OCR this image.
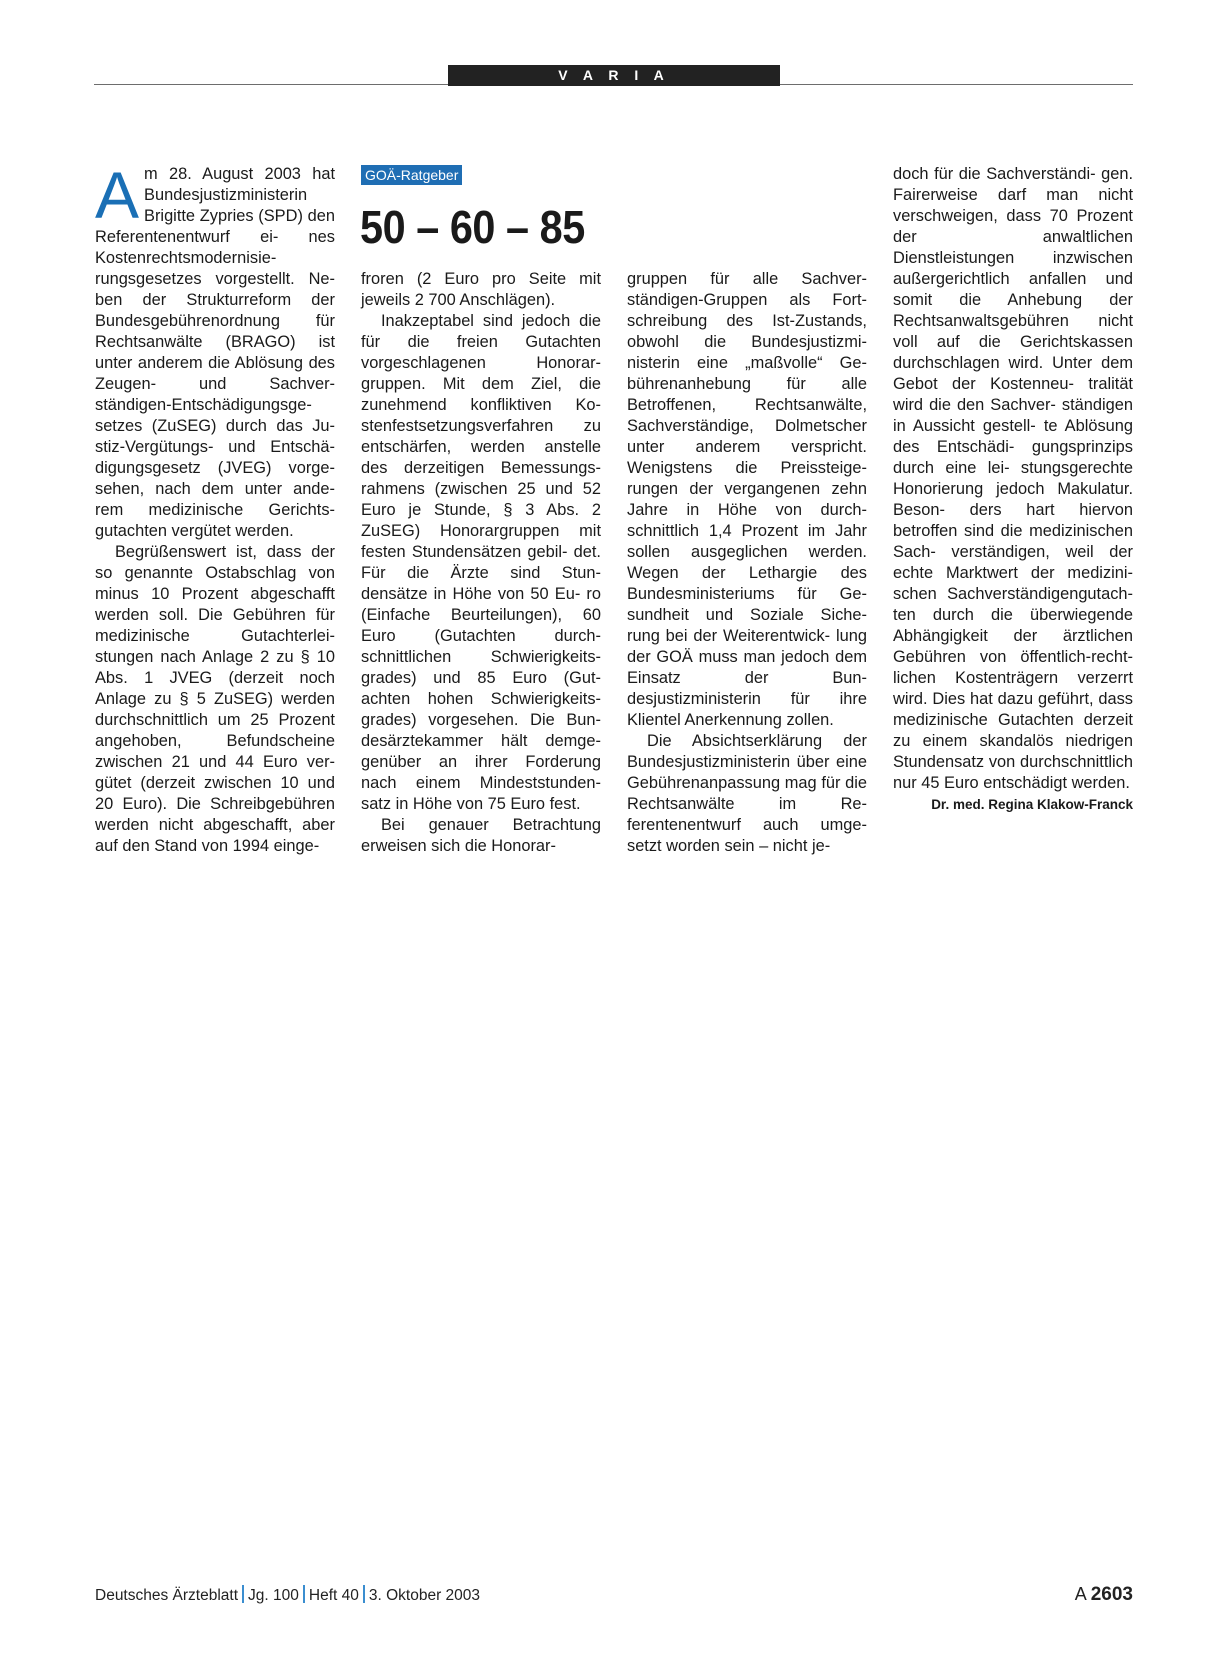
V A R I A

Am 28. August 2003 hat Bundesjustizministerin Brigitte Zypries (SPD) den Referentenentwurf ei- nes Kostenrechtsmodernisie- rungsgesetzes vorgestellt. Ne- ben der Strukturreform der Bundesgebührenordnung für Rechtsanwälte (BRAGO) ist unter anderem die Ablösung des Zeugen- und Sachver- ständigen-Entschädigungsge- setzes (ZuSEG) durch das Ju- stiz-Vergütungs- und Entschä- digungsgesetz (JVEG) vorge- sehen, nach dem unter ande- rem medizinische Gerichts- gutachten vergütet werden.

Begrüßenswert ist, dass der so genannte Ostabschlag von minus 10 Prozent abgeschafft werden soll. Die Gebühren für medizinische Gutachterlei- stungen nach Anlage 2 zu § 10 Abs. 1 JVEG (derzeit noch Anlage zu § 5 ZuSEG) werden durchschnittlich um 25 Prozent angehoben, Befundscheine zwischen 21 und 44 Euro ver- gütet (derzeit zwischen 10 und 20 Euro). Die Schreibgebühren werden nicht abgeschafft, aber auf den Stand von 1994 einge-

GOÄ-Ratgeber
50 – 60 – 85

froren (2 Euro pro Seite mit jeweils 2 700 Anschlägen).

Inakzeptabel sind jedoch die für die freien Gutachten vorgeschlagenen Honorar- gruppen. Mit dem Ziel, die zunehmend konfliktiven Ko- stenfestsetzungsverfahren zu entschärfen, werden anstelle des derzeitigen Bemessungs- rahmens (zwischen 25 und 52 Euro je Stunde, § 3 Abs. 2 ZuSEG) Honorargruppen mit festen Stundensätzen gebil- det. Für die Ärzte sind Stun- densätze in Höhe von 50 Eu- ro (Einfache Beurteilungen), 60 Euro (Gutachten durch- schnittlichen Schwierigkeits- grades) und 85 Euro (Gut- achten hohen Schwierigkeits- grades) vorgesehen. Die Bun- desärztekammer hält demge- genüber an ihrer Forderung nach einem Mindeststunden- satz in Höhe von 75 Euro fest.

Bei genauer Betrachtung erweisen sich die Honorar-

gruppen für alle Sachver- ständigen-Gruppen als Fort- schreibung des Ist-Zustands, obwohl die Bundesjustizmi- nisterin eine „maßvolle“ Ge- bührenanhebung für alle Betroffenen, Rechtsanwälte, Sachverständige, Dolmetscher unter anderem verspricht. Wenigstens die Preissteige- rungen der vergangenen zehn Jahre in Höhe von durch- schnittlich 1,4 Prozent im Jahr sollen ausgeglichen werden. Wegen der Lethargie des Bundesministeriums für Ge- sundheit und Soziale Siche- rung bei der Weiterentwick- lung der GOÄ muss man jedoch dem Einsatz der Bun- desjustizministerin für ihre Klientel Anerkennung zollen.

Die Absichtserklärung der Bundesjustizministerin über eine Gebührenanpassung mag für die Rechtsanwälte im Re- ferentenentwurf auch umge- setzt worden sein – nicht je-

doch für die Sachverständi- gen. Fairerweise darf man nicht verschweigen, dass 70 Prozent der anwaltlichen Dienstleistungen inzwischen außergerichtlich anfallen und somit die Anhebung der Rechtsanwaltsgebühren nicht voll auf die Gerichtskassen durchschlagen wird. Unter dem Gebot der Kostenneu- tralität wird die den Sachver- ständigen in Aussicht gestell- te Ablösung des Entschädi- gungsprinzips durch eine lei- stungsgerechte Honorierung jedoch Makulatur. Beson- ders hart hiervon betroffen sind die medizinischen Sach- verständigen, weil der echte Marktwert der medizini- schen Sachverständigengutach- ten durch die überwiegende Abhängigkeit der ärztlichen Gebühren von öffentlich-recht- lichen Kostenträgern verzerrt wird. Dies hat dazu geführt, dass medizinische Gutachten derzeit zu einem skandalös niedrigen Stundensatz von durchschnittlich nur 45 Euro entschädigt werden.

Dr. med. Regina Klakow-Franck
Deutsches Ärzteblatt Jg. 100 Heft 40 3. Oktober 2003	A 2603
